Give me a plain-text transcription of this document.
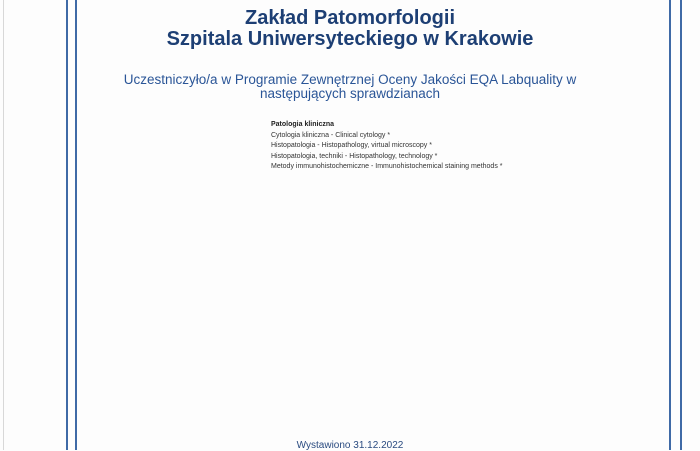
Zakład Patomorfologii
Szpitala Uniwersyteckiego w Krakowie
Uczestniczyło/a w Programie Zewnętrznej Oceny Jakości EQA Labquality w następujących sprawdzianach
Patologia kliniczna
Cytologia kliniczna - Clinical cytology *
Histopatologia - Histopathology, virtual microscopy *
Histopatologia, techniki - Histopathology, technology *
Metody immunohistochemiczne - Immunohistochemical staining methods *
Wystawiono 31.12.2022
